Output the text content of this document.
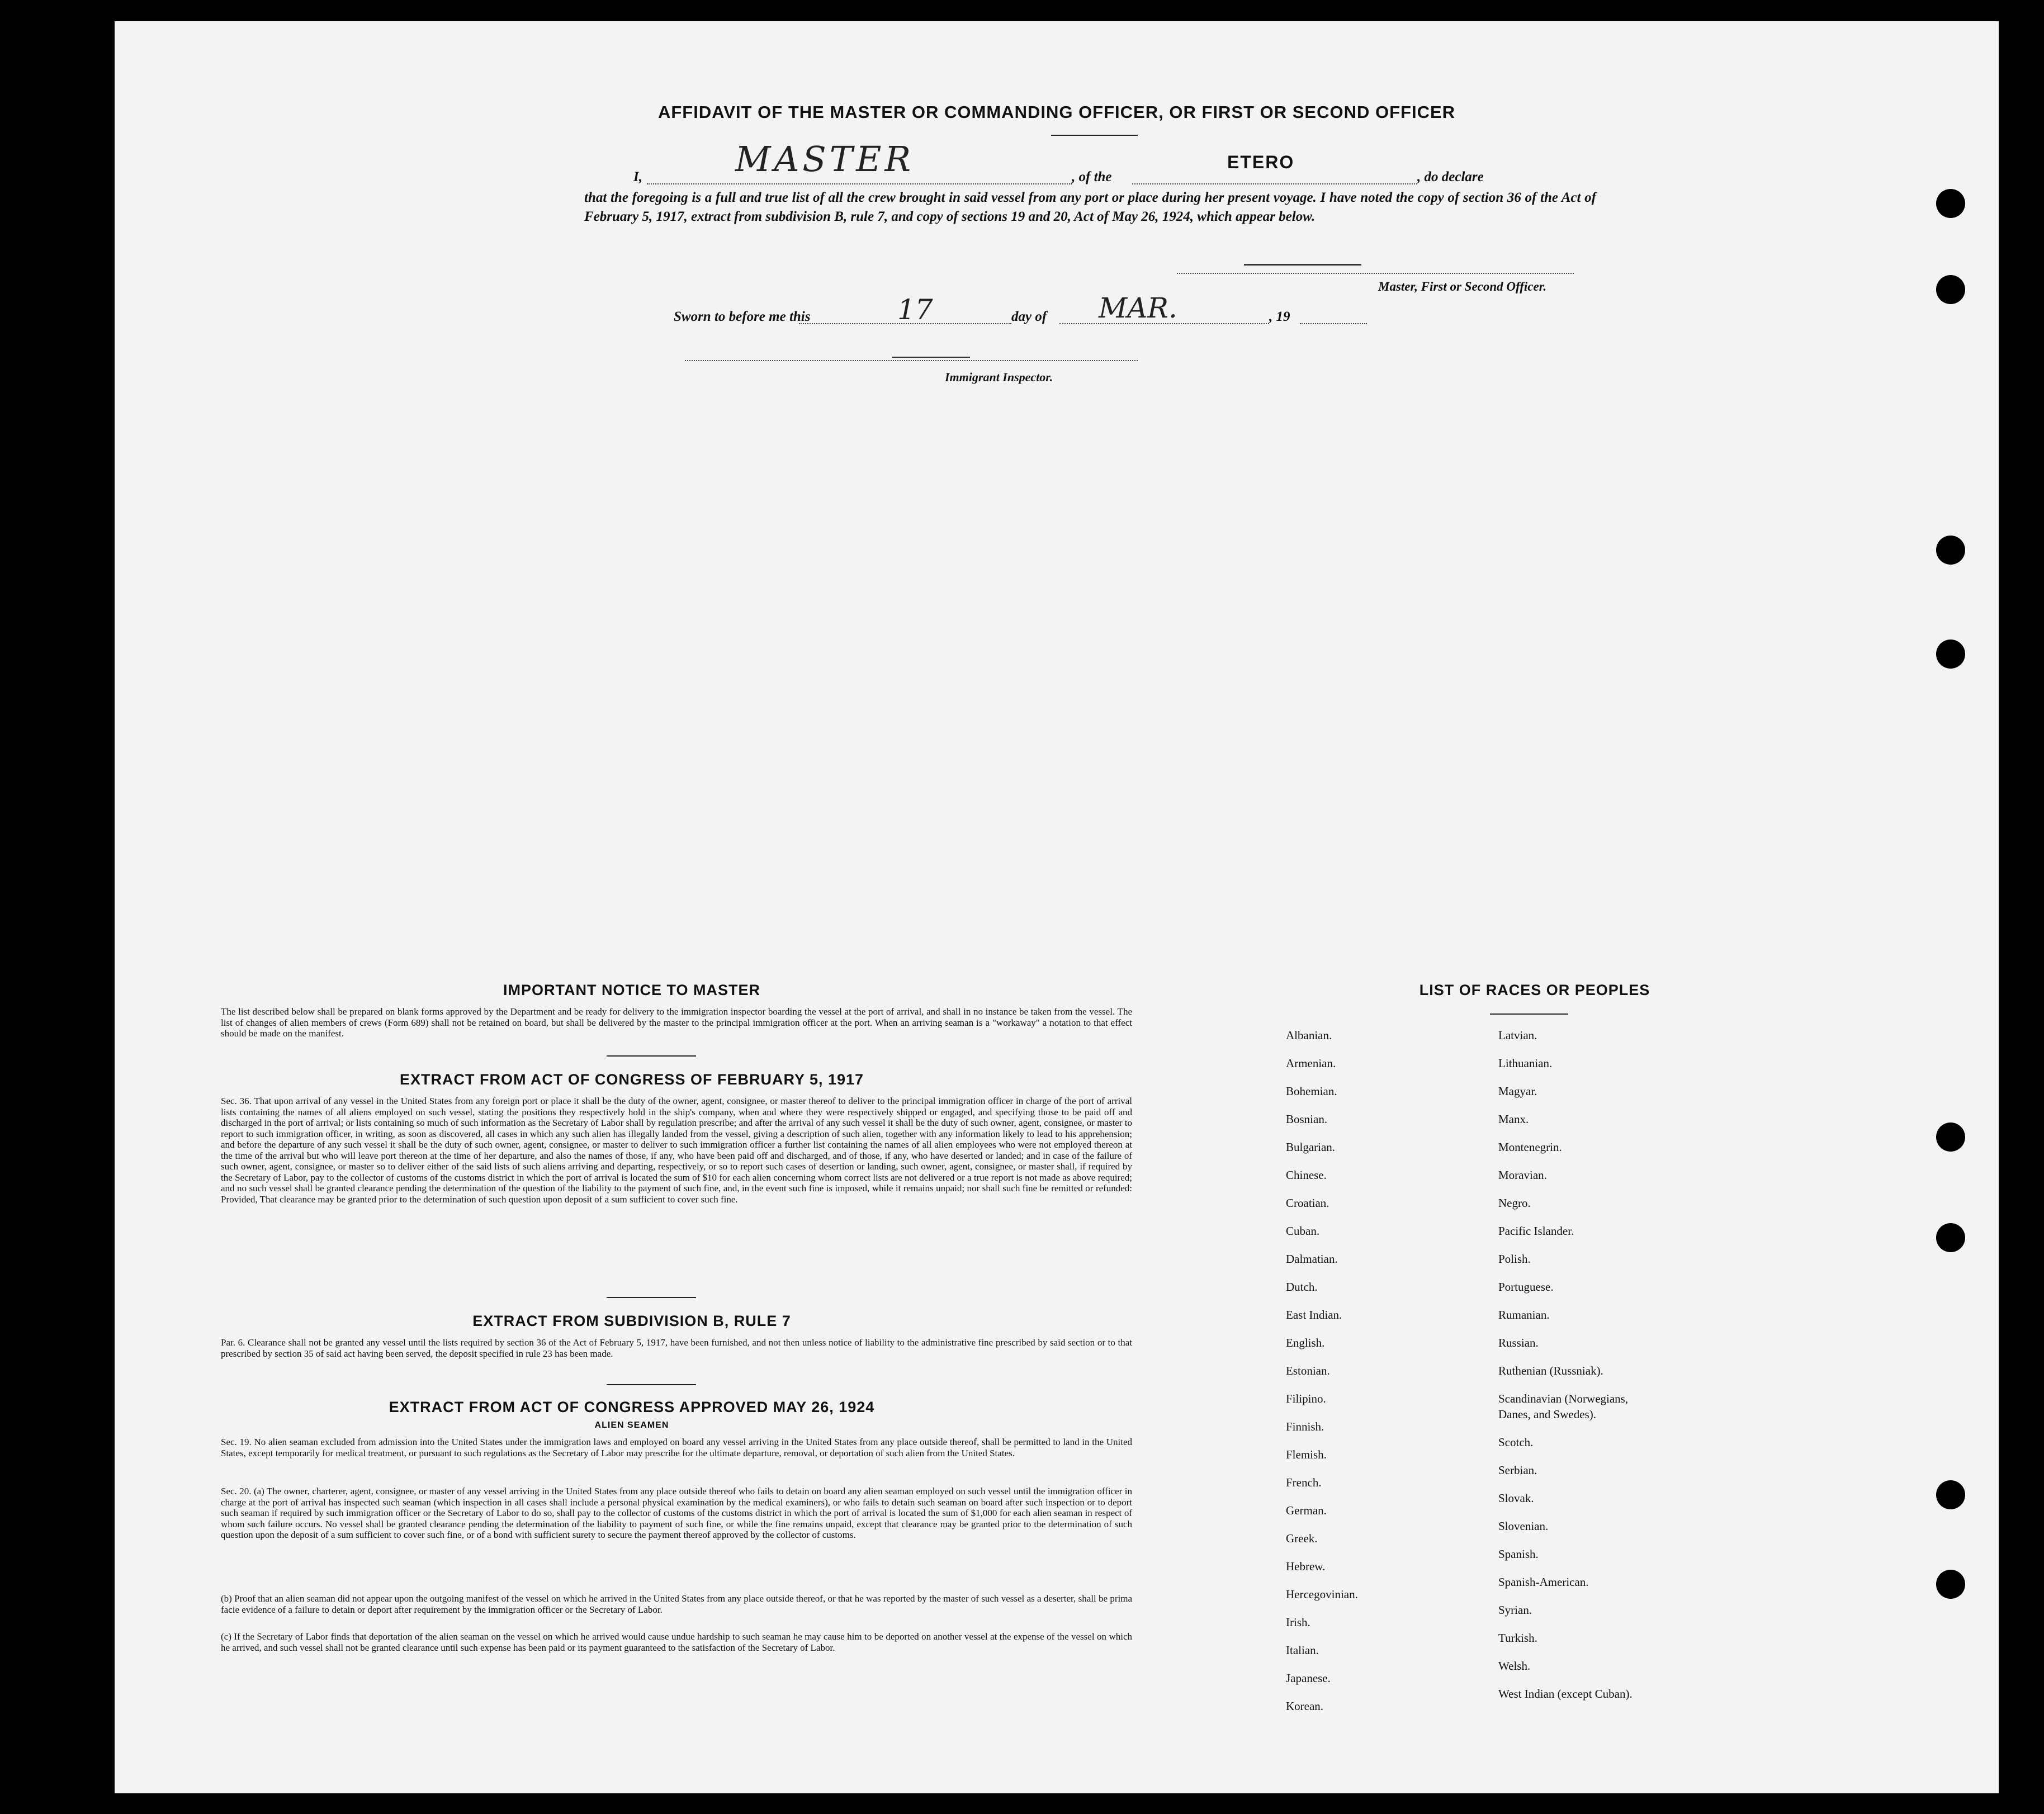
AFFIDAVIT OF THE MASTER OR COMMANDING OFFICER, OR FIRST OR SECOND OFFICER
I,	MASTER	, of the
ETERO
, do declare
that the foregoing is a full and true list of all the crew brought in said vessel from any port or place during her present voyage. I have noted the copy of section 36 of the Act of February 5, 1917, extract from subdivision B, rule 7, and copy of sections 19 and 20, Act of May 26, 1924, which appear below.
Master, First or Second Officer.
Sworn to before me this	17	day of MAR.	, 19
Immigrant Inspector.
IMPORTANT NOTICE TO MASTER
The list described below shall be prepared on blank forms approved by the Department and be ready for delivery to the immigration inspector boarding the vessel at the port of arrival, and shall in no instance be taken from the vessel. The list of changes of alien members of crews (Form 689) shall not be retained on board, but shall be delivered by the master to the principal immigration officer at the port. When an arriving seaman is a "workaway" a notation to that effect should be made on the manifest.
EXTRACT FROM ACT OF CONGRESS OF FEBRUARY 5, 1917
Sec. 36. That upon arrival of any vessel in the United States from any foreign port or place it shall be the duty of the owner, agent, consignee, or master thereof to deliver to the principal immigration officer in charge of the port of arrival lists containing the names of all aliens employed on such vessel, stating the positions they respectively hold in the ship's company, when and where they were respectively shipped or engaged, and specifying those to be paid off and discharged in the port of arrival; or lists containing so much of such information as the Secretary of Labor shall by regulation prescribe; and after the arrival of any such vessel it shall be the duty of such owner, agent, consignee, or master to report to such immigration officer, in writing, as soon as discovered, all cases in which any such alien has illegally landed from the vessel, giving a description of such alien, together with any information likely to lead to his apprehension; and before the departure of any such vessel it shall be the duty of such owner, agent, consignee, or master to deliver to such immigration officer a further list containing the names of all alien employees who were not employed thereon at the time of the arrival but who will leave port thereon at the time of her departure, and also the names of those, if any, who have been paid off and discharged, and of those, if any, who have deserted or landed; and in case of the failure of such owner, agent, consignee, or master so to deliver either of the said lists of such aliens arriving and departing, respectively, or so to report such cases of desertion or landing, such owner, agent, consignee, or master shall, if required by the Secretary of Labor, pay to the collector of customs of the customs district in which the port of arrival is located the sum of $10 for each alien concerning whom correct lists are not delivered or a true report is not made as above required; and no such vessel shall be granted clearance pending the determination of the question of the liability to the payment of such fine, and, in the event such fine is imposed, while it remains unpaid; nor shall such fine be remitted or refunded: Provided, That clearance may be granted prior to the determination of such question upon deposit of a sum sufficient to cover such fine.
EXTRACT FROM SUBDIVISION B, RULE 7
Par. 6. Clearance shall not be granted any vessel until the lists required by section 36 of the Act of February 5, 1917, have been furnished, and not then unless notice of liability to the administrative fine prescribed by said section or to that prescribed by section 35 of said act having been served, the deposit specified in rule 23 has been made.
EXTRACT FROM ACT OF CONGRESS APPROVED MAY 26, 1924
ALIEN SEAMEN
Sec. 19. No alien seaman excluded from admission into the United States under the immigration laws and employed on board any vessel arriving in the United States from any place outside thereof, shall be permitted to land in the United States, except temporarily for medical treatment, or pursuant to such regulations as the Secretary of Labor may prescribe for the ultimate departure, removal, or deportation of such alien from the United States.
Sec. 20. (a) The owner, charterer, agent, consignee, or master of any vessel arriving in the United States from any place outside thereof who fails to detain on board any alien seaman employed on such vessel until the immigration officer in charge at the port of arrival has inspected such seaman (which inspection in all cases shall include a personal physical examination by the medical examiners), or who fails to detain such seaman on board after such inspection or to deport such seaman if required by such immigration officer or the Secretary of Labor to do so, shall pay to the collector of customs of the customs district in which the port of arrival is located the sum of $1,000 for each alien seaman in respect of whom such failure occurs. No vessel shall be granted clearance pending the determination of the liability to payment of such fine, or while the fine remains unpaid, except that clearance may be granted prior to the determination of such question upon the deposit of a sum sufficient to cover such fine, or of a bond with sufficient surety to secure the payment thereof approved by the collector of customs.
(b) Proof that an alien seaman did not appear upon the outgoing manifest of the vessel on which he arrived in the United States from any place outside thereof, or that he was reported by the master of such vessel as a deserter, shall be prima facie evidence of a failure to detain or deport after requirement by the immigration officer or the Secretary of Labor.
(c) If the Secretary of Labor finds that deportation of the alien seaman on the vessel on which he arrived would cause undue hardship to such seaman he may cause him to be deported on another vessel at the expense of the vessel on which he arrived, and such vessel shall not be granted clearance until such expense has been paid or its payment guaranteed to the satisfaction of the Secretary of Labor.
LIST OF RACES OR PEOPLES
Albanian.
Armenian.
Bohemian.
Bosnian.
Bulgarian.
Chinese.
Croatian.
Cuban.
Dalmatian.
Dutch.
East Indian.
English.
Estonian.
Filipino.
Finnish.
Flemish.
French.
German.
Greek.
Hebrew.
Hercegovinian.
Irish.
Italian.
Japanese.
Korean.
Latvian.
Lithuanian.
Magyar.
Manx.
Montenegrin.
Moravian.
Negro.
Pacific Islander.
Polish.
Portuguese.
Rumanian.
Russian.
Ruthenian (Russniak).
Scandinavian (Norwegians,
Danes, and Swedes).
Scotch.
Serbian.
Slovak.
Slovenian.
Spanish.
Spanish-American.
Syrian.
Turkish.
Welsh.
West Indian (except Cuban).
